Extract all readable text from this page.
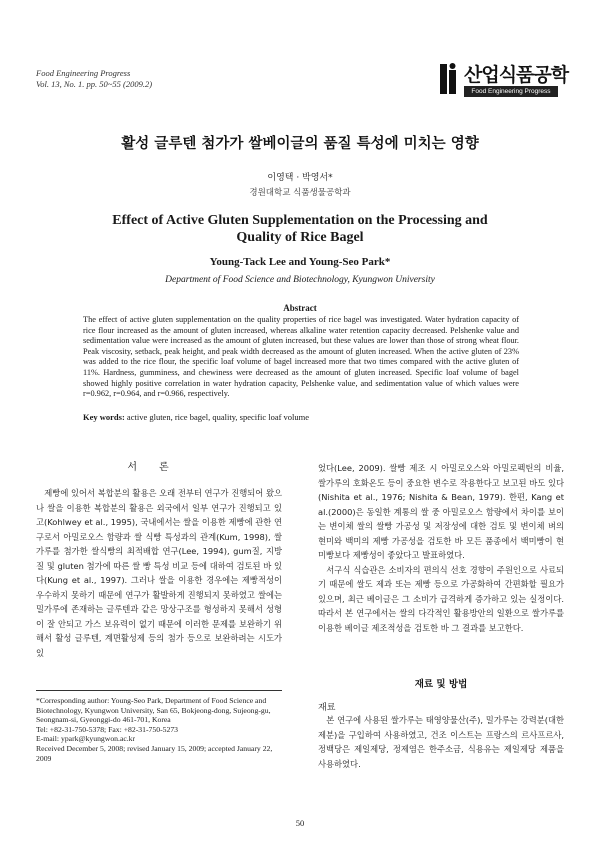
Food Engineering Progress
Vol. 13, No. 1. pp. 50~55 (2009.2)	산업식품공학
Food Engineering Progress
활성 글루텐 첨가가 쌀베이글의 품질 특성에 미치는 영향
이영택 · 박영서*
경원대학교 식품생물공학과
Effect of Active Gluten Supplementation on the Processing and Quality of Rice Bagel
Young-Tack Lee and Young-Seo Park*
Department of Food Science and Biotechnology, Kyungwon University
Abstract
The effect of active gluten supplementation on the quality properties of rice bagel was investigated. Water hydration capacity of rice flour increased as the amount of gluten increased, whereas alkaline water retention capacity decreased. Pelshenke value and sedimentation value were increased as the amount of gluten increased, but these values are lower than those of strong wheat flour. Peak viscosity, setback, peak height, and peak width decreased as the amount of gluten increased. When the active gluten of 23% was added to the rice flour, the specific loaf volume of bagel increased more that two times compared with the active gluten of 11%. Hardness, gumminess, and chewiness were decreased as the amount of gluten increased. Specific loaf volume of bagel showed highly positive correlation in water hydration capacity, Pelshenke value, and sedimentation value of which values were r=0.962, r=0.964, and r=0.966, respectively.
Key words: active gluten, rice bagel, quality, specific loaf volume
서론

제빵에 있어서 복합분의 활용은 오래 전부터 연구가 진행되어 왔으나 쌀을 이용한 복합분의 활용은 외국에서 일부 연구가 진행되고 있고(Kohlwey et al., 1995), 국내에서는 쌀을 이용한 제빵에 관한 연구로서 아밀로오스 함량과 쌀 식빵 특성과의 관계(Kum, 1998), 쌀가루를 첨가한 쌀식빵의 최적배합 연구(Lee, 1994), gum질, 지방질 및 gluten 첨가에 따른 쌀 빵 특성 비교 등에 대하여 검토된 바 있다(Kung et al., 1997). 그러나 쌀을 이용한 경우에는 제빵적성이 우수하지 못하기 때문에 연구가 활발하게 진행되지 못하였고 쌀에는 밀가루에 존재하는 글루텐과 같은 망상구조를 형성하지 못해서 성형이 잘 안되고 가스 보유력이 없기 때문에 이러한 문제를 보완하기 위해서 활성 글루텐, 계면활성제 등의 첨가 등으로 보완하려는 시도가 있

*Corresponding author: Young-Seo Park, Department of Food Science and Biotechnology, Kyungwon University, San 65, Bokjeong-dong, Sujeong-gu, Seongnam-si, Gyeonggi-do 461-701, Korea
Tel: +82-31-750-5378; Fax: +82-31-750-5273
E-mail: ypark@kyungwon.ac.kr
Received December 5, 2008; revised January 15, 2009; accepted January 22, 2009

었다(Lee, 2009). 쌀빵 제조 시 아밀로오스와 아밀로펙틴의 비율, 쌀가루의 호화온도 등이 중요한 변수로 작용한다고 보고된 바도 있다(Nishita et al., 1976; Nishita & Bean, 1979). 한편, Kang et al.(2000)은 동일한 계통의 쌀 중 아밀로오스 함량에서 차이를 보이는 변이체 쌀의 쌀빵 가공성 및 저장성에 대한 검토 및 변이체 벼의 현미와 백미의 제빵 가공성을 검토한 바 모든 품종에서 백미빵이 현미빵보다 제빵성이 좋았다고 발표하였다.

서구식 식습관은 소비자의 편의식 선호 경향이 주원인으로 사료되기 때문에 쌀도 제과 또는 제빵 등으로 가공화하여 간편화할 필요가 있으며, 최근 베이글은 그 소비가 급격하게 증가하고 있는 실정이다. 따라서 본 연구에서는 쌀의 다각적인 활용방안의 일환으로 쌀가루를 이용한 베이글 제조적성을 검토한 바 그 결과를 보고한다.

재료 및 방법
재료

본 연구에 사용된 쌀가루는 태영양물산(주), 밀가루는 강력분(대한제분)을 구입하여 사용하였고, 건조 이스트는 프랑스의 르사프르사, 정백당은 제일제당, 정제염은 한주소금, 식용유는 제일제당 제품을 사용하였다.

50
